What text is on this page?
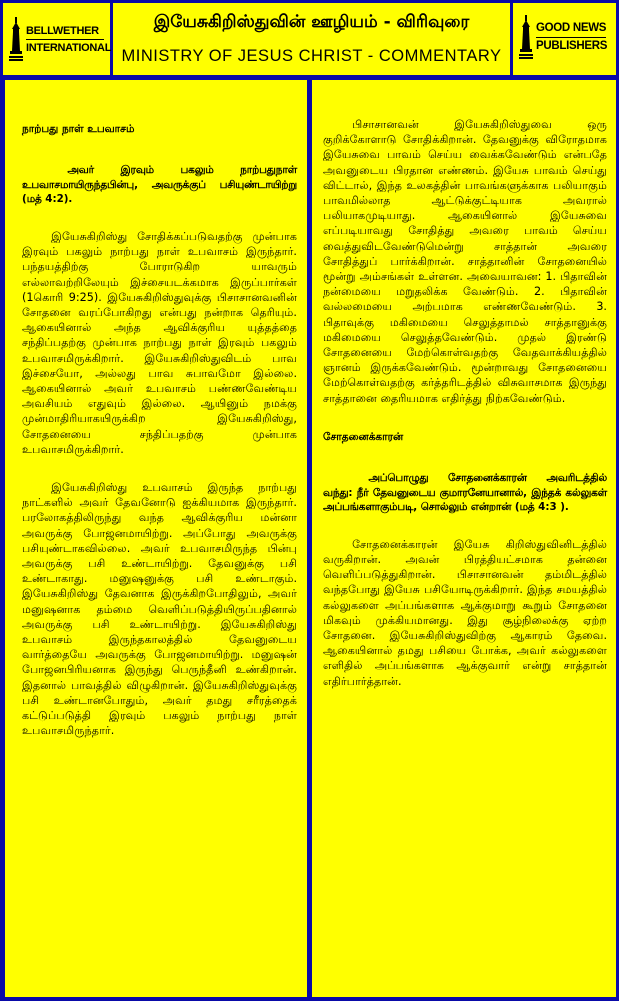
BELLWETHER
INTERNATIONAL
இயேசுகிறிஸ்துவின் ஊழியம் - விரிவுரை
MINISTRY OF JESUS CHRIST - COMMENTARY
GOOD NEWS
PUBLISHERS

நாற்பது நாள் உபவாசம்

அவர் இரவும் பகலும் நாற்பதுநாள் உபவாசமாயிருந்தபின்பு, அவருக்குப் பசியுண்டாயிற்று (மத் 4:2).

இயேசுகிறிஸ்து சோதிக்கப்படுவதற்கு முன்பாக இரவும் பகலும் நாற்பது நாள் உபவாசம் இருந்தார். பந்தயத்திற்கு போராடுகிற யாவரும் எல்லாவற்றிலேயும் இச்சையடக்கமாக இருப்பார்கள் (1கொரி 9:25). இயேசுகிறிஸ்துவுக்கு பிசாசானவனின் சோதனை வரப்போகிறது என்பது நன்றாக தெரியும். ஆகையினால் அந்த ஆவிக்குரிய யுத்தத்தை சந்திப்பதற்கு முன்பாக நாற்பது நாள் இரவும் பகலும் உபவாசமிருக்கிறார். இயேசுகிறிஸ்துவிடம் பாவ இச்சையோ, அல்லது பாவ சுபாவமோ இல்லை. ஆகையினால் அவர் உபவாசம் பண்ணவேண்டிய அவசியம் எதுவும் இல்லை. ஆயினும் நமக்கு முன்மாதிரியாகயிருக்கிற இயேசுகிறிஸ்து, சோதனையை சந்திப்பதற்கு முன்பாக உபவாசமிருக்கிறார்.

இயேசுகிறிஸ்து உபவாசம் இருந்த நாற்பது நாட்களில் அவர் தேவனோடு ஐக்கியமாக இருந்தார். பரலோகத்திலிருந்து வந்த ஆவிக்குரிய மன்னா அவருக்கு போஜனமாயிற்று. அப்போது அவருக்கு பசியுண்டாகவில்லை. அவர் உபவாசமிருந்த பின்பு அவருக்கு பசி உண்டாயிற்று. தேவனுக்கு பசி உண்டாகாது. மனுஷனுக்கு பசி உண்டாகும். இயேசுகிறிஸ்து தேவனாக இருக்கிறபோதிலும், அவர் மனுஷனாக தம்மை வெளிப்படுத்தியிருப்பதினால் அவருக்கு பசி உண்டாயிற்று. இயேசுகிறிஸ்து உபவாசம் இருந்தகாலத்தில் தேவனுடைய வார்த்தையே அவருக்கு போஜனமாயிற்று. மனுஷன் போஜனபிரியனாக இருந்து பெருந்தீனி உண்கிறான். இதனால் பாவத்தில் விழுகிறான். இயேசுகிறிஸ்துவுக்கு பசி உண்டானபோதும், அவர் தமது சரீரத்தைக் கட்டுப்படுத்தி இரவும் பகலும் நாற்பது நாள் உபவாசமிருந்தார்.

பிசாசானவன் இயேசுகிறிஸ்துவை ஒரு குறிக்கோளாடு சோதிக்கிறான். தேவனுக்கு விரோதமாக இயேசுவை பாவம் செய்ய வைக்கவேண்டும் என்பதே அவனுடைய பிரதான எண்ணம். இயேசு பாவம் செய்து விட்டால், இந்த உலகத்தின் பாவங்களுக்காக பலியாகும் பாவமில்லாத ஆட்டுக்குட்டியாக அவரால் பலியாகமுடியாது. ஆகையினால் இயேசுவை எப்படியாவது சோதித்து அவரை பாவம் செய்ய வைத்துவிடவேண்டுமென்று சாத்தான் அவரை சோதித்துப் பார்க்கிறான். சாத்தானின் சோதனையில் மூன்று அம்சங்கள் உள்ளன. அவையாவன: 1. பிதாவின் நன்மையை மறுதலிக்க வேண்டும். 2. பிதாவின் வல்லமையை அற்பமாக எண்ணவேண்டும். 3. பிதாவுக்கு மகிமையை செலுத்தாமல் சாத்தானுக்கு மகிமையை செலுத்தவேண்டும். முதல் இரண்டு சோதனையை மேற்கொள்வதற்கு வேதவாக்கியத்தில் ஞானம் இருக்கவேண்டும். மூன்றாவது சோதனையை மேற்கொள்வதற்கு கர்த்தரிடத்தில் விசுவாசமாக இருந்து சாத்தானை தைரியமாக எதிர்த்து நிற்கவேண்டும்.

சோதனைக்காரன்

அப்பொழுது சோதனைக்காரன் அவரிடத்தில் வந்து: நீர் தேவனுடைய குமாரனேயானால், இந்தக் கல்லுகள் அப்பங்களாகும்படி, சொல்லும் என்றான் (மத் 4:3 ).

சோதனைக்காரன் இயேசு கிறிஸ்துவினிடத்தில் வருகிறான். அவன் பிரத்தியட்சமாக தன்னை வெளிப்படுத்துகிறான். பிசாசானவன் தம்மிடத்தில் வந்தபோது இயேசு பசியோடிருக்கிறார். இந்த சமயத்தில் கல்லுகளை அப்பங்களாக ஆக்குமாறு கூறும் சோதனை மிகவும் முக்கியமானது. இது சூழ்நிலைக்கு ஏற்ற சோதனை. இயேசுகிறிஸ்துவிற்கு ஆகாரம் தேவை. ஆகையினால் தமது பசியை போக்க, அவர் கல்லுகளை எளிதில் அப்பங்களாக ஆக்குவார் என்று சாத்தான் எதிர்பார்த்தான்.
